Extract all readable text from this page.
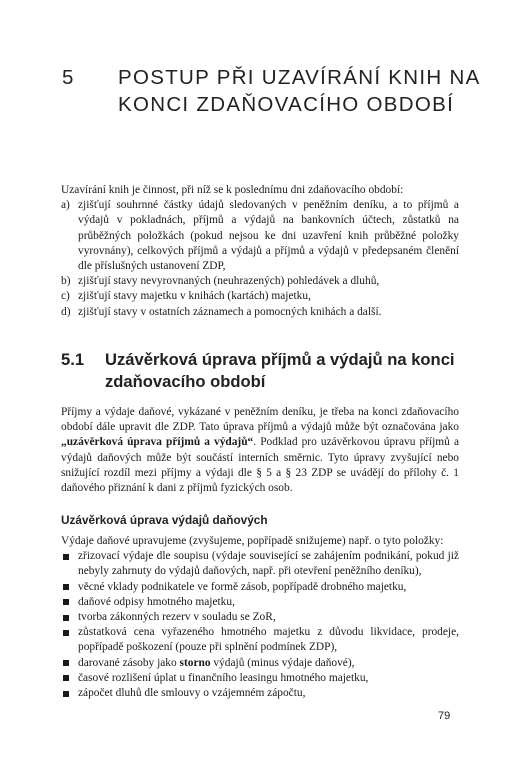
5 POSTUP PŘI UZAVÍRÁNÍ KNIH NA
KONCI ZDAŇOVACÍHO OBDOBÍ
Uzavírání knih je činnost, při níž se k poslednímu dni zdaňovacího období:
a) zjišťují souhrnné částky údajů sledovaných v peněžním deníku, a to příjmů a výdajů v pokladnách, příjmů a výdajů na bankovních účtech, zůstatků na průběžných položkách (pokud nejsou ke dni uzavření knih průběžné položky vyrovnány), celkových příjmů a výdajů a příjmů a výdajů v předepsaném členění dle příslušných ustanovení ZDP,
b) zjišťují stavy nevyrovnaných (neuhrazených) pohledávek a dluhů,
c) zjišťují stavy majetku v knihách (kartách) majetku,
d) zjišťují stavy v ostatních záznamech a pomocných knihách a další.
5.1 Uzávěrková úprava příjmů a výdajů na konci
zdaňovacího období
Příjmy a výdaje daňové, vykázané v peněžním deníku, je třeba na konci zdaňovacího období dále upravit dle ZDP. Tato úprava příjmů a výdajů může být označována jako „uzávěrková úprava příjmů a výdajů“. Podklad pro uzávěrkovou úpravu příjmů a výdajů daňových může být součástí interních směrnic. Tyto úpravy zvyšující nebo snižující rozdíl mezi příjmy a výdaji dle § 5 a § 23 ZDP se uvádějí do přílohy č. 1 daňového přiznání k dani z příjmů fyzických osob.
Uzávěrková úprava výdajů daňových
Výdaje daňové upravujeme (zvyšujeme, popřípadě snižujeme) např. o tyto položky:
zřizovací výdaje dle soupisu (výdaje související se zahájením podnikání, pokud již nebyly zahrnuty do výdajů daňových, např. při otevření peněžního deníku),
věcné vklady podnikatele ve formě zásob, popřípadě drobného majetku,
daňové odpisy hmotného majetku,
tvorba zákonných rezerv v souladu se ZoR,
zůstatková cena vyřazeného hmotného majetku z důvodu likvidace, prodeje, popřípadě poškození (pouze při splnění podmínek ZDP),
darované zásoby jako storno výdajů (minus výdaje daňové),
časové rozlišení úplat u finančního leasingu hmotného majetku,
zápočet dluhů dle smlouvy o vzájemném zápočtu,
79
